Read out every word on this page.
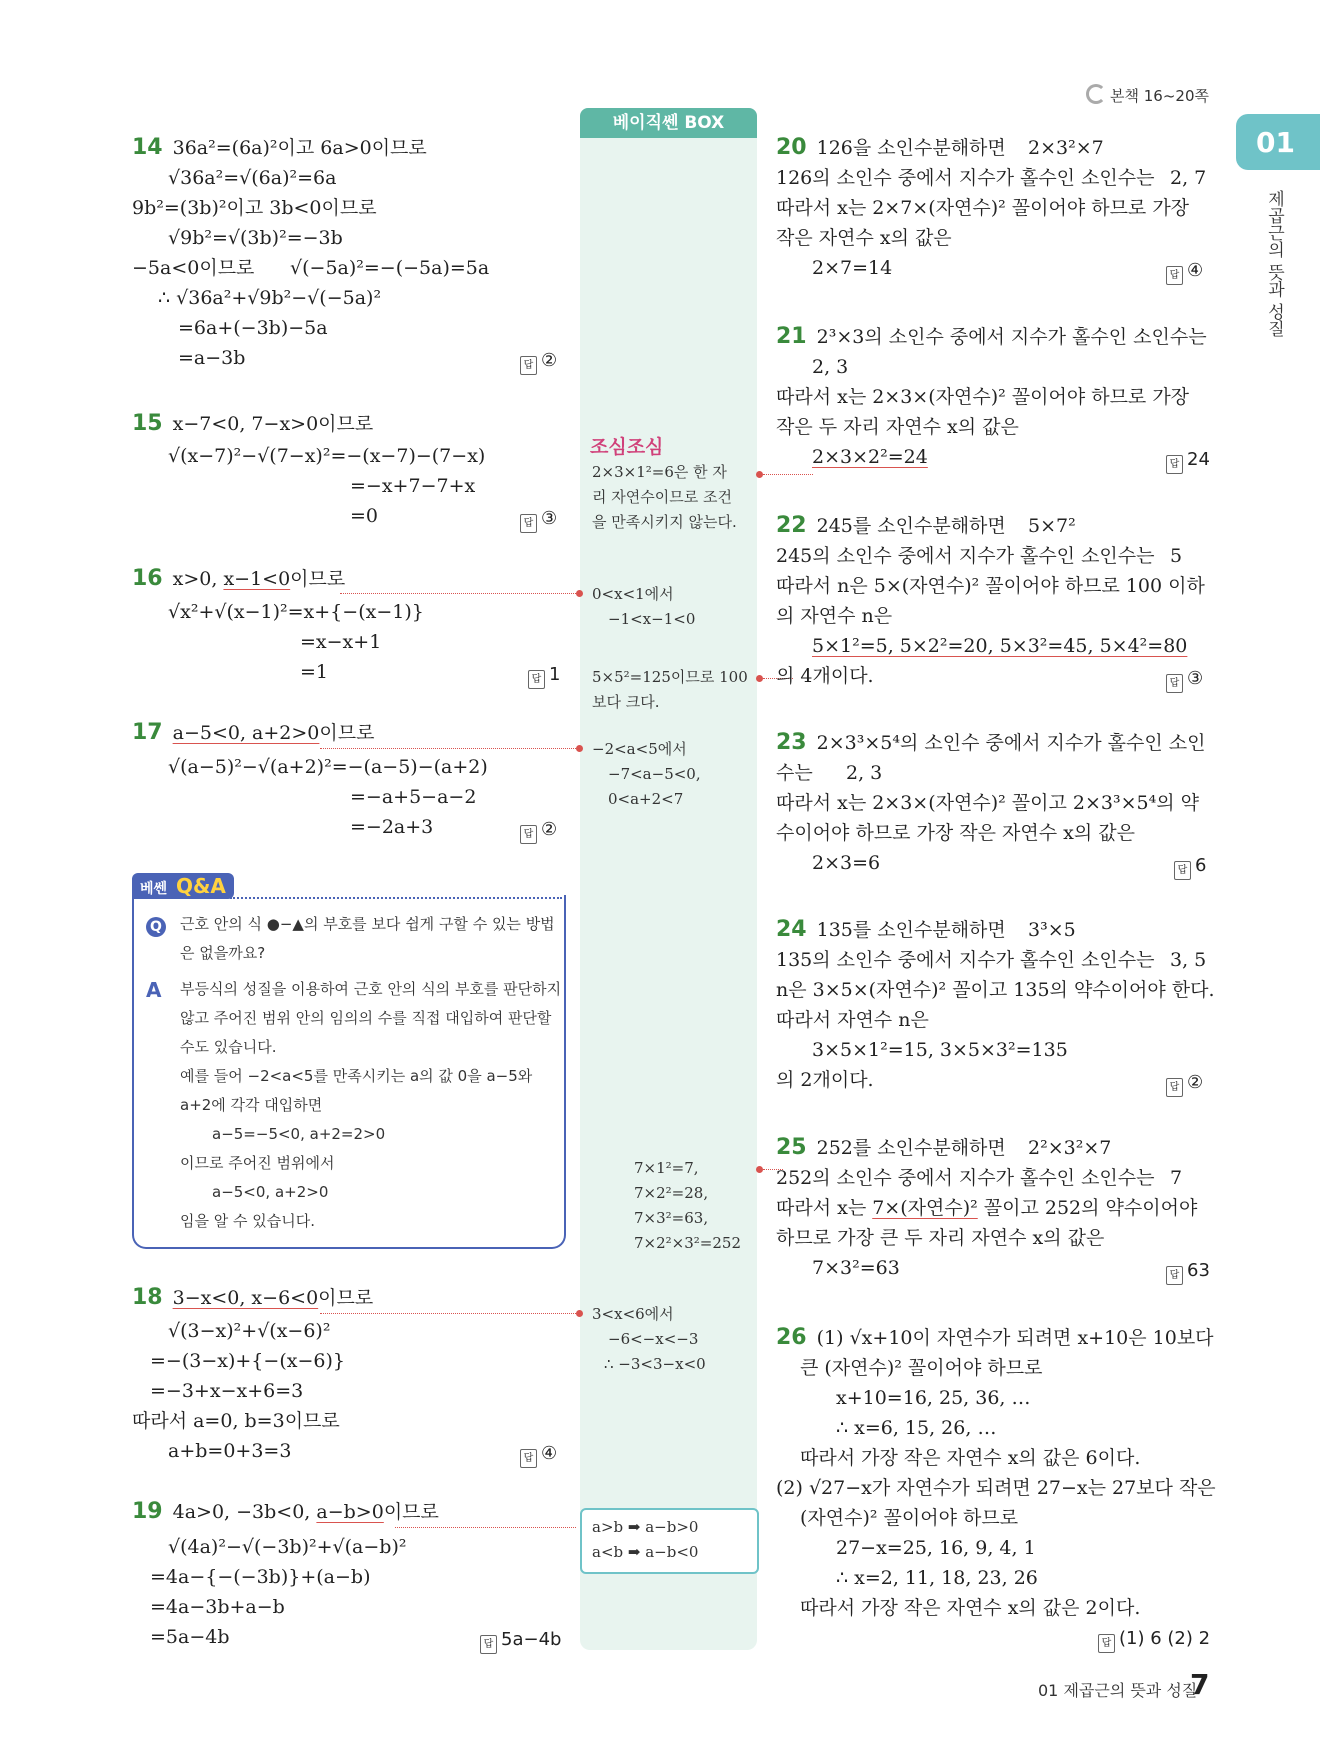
본책 16~20쪽
01
제곱근의 뜻과 성질
베이직쎈 BOX
14 36a²=(6a)²이고 6a>0이므로
√36a²=√(6a)²=6a
9b²=(3b)²이고 3b<0이므로
√9b²=√(3b)²=−3b
−5a<0이므로 √(−5a)²=−(−5a)=5a
∴ √36a²+√9b²−√(−5a)²
=6a+(−3b)−5a
=a−3b	답 ②
15 x−7<0, 7−x>0이므로
√(x−7)²−√(7−x)²=−(x−7)−(7−x)
=−x+7−7+x
=0	답 ③
16 x>0, x−1<0이므로
√x²+√(x−1)²=x+{−(x−1)}
=x−x+1
=1	답 1
17 a−5<0, a+2>0이므로
√(a−5)²−√(a+2)²=−(a−5)−(a+2)
=−a+5−a−2
=−2a+3	답 ②
베쎈 Q&A
Q 근호 안의 식 ●−▲의 부호를 보다 쉽게 구할 수 있는 방법
은 없을까요?
A 부등식의 성질을 이용하여 근호 안의 식의 부호를 판단하지
않고 주어진 범위 안의 임의의 수를 직접 대입하여 판단할
수도 있습니다.
예를 들어 −2<a<5를 만족시키는 a의 값 0을 a−5와
a+2에 각각 대입하면
a−5=−5<0, a+2=2>0
이므로 주어진 범위에서
a−5<0, a+2>0
임을 알 수 있습니다.
18 3−x<0, x−6<0이므로
√(3−x)²+√(x−6)²
=−(3−x)+{−(x−6)}
=−3+x−x+6=3
따라서 a=0, b=3이므로
a+b=0+3=3	답 ④
19 4a>0, −3b<0, a−b>0이므로
√(4a)²−√(−3b)²+√(a−b)²
=4a−{−(−3b)}+(a−b)
=4a−3b+a−b
=5a−4b	답 5a−4b
조심조심
2×3×1²=6은 한 자
리 자연수이므로 조건
을 만족시키지 않는다.
0<x<1에서
−1<x−1<0
5×5²=125이므로 100
보다 크다.
−2<a<5에서
−7<a−5<0,
0<a+2<7
7×1²=7,
7×2²=28,
7×3²=63,
7×2²×3²=252
3<x<6에서
−6<−x<−3
∴ −3<3−x<0
a>b ➡ a−b>0
a<b ➡ a−b<0
20 126을 소인수분해하면 2×3²×7
126의 소인수 중에서 지수가 홀수인 소인수는 2, 7
따라서 x는 2×7×(자연수)² 꼴이어야 하므로 가장
작은 자연수 x의 값은
2×7=14	답 ④
21 2³×3의 소인수 중에서 지수가 홀수인 소인수는
2, 3
따라서 x는 2×3×(자연수)² 꼴이어야 하므로 가장
작은 두 자리 자연수 x의 값은
2×3×2²=24	답 24
22 245를 소인수분해하면 5×7²
245의 소인수 중에서 지수가 홀수인 소인수는 5
따라서 n은 5×(자연수)² 꼴이어야 하므로 100 이하
의 자연수 n은
5×1²=5, 5×2²=20, 5×3²=45, 5×4²=80
의 4개이다.	답 ③
23 2×3³×5⁴의 소인수 중에서 지수가 홀수인 소인
수는 2, 3
따라서 x는 2×3×(자연수)² 꼴이고 2×3³×5⁴의 약
수이어야 하므로 가장 작은 자연수 x의 값은
2×3=6	답 6
24 135를 소인수분해하면 3³×5
135의 소인수 중에서 지수가 홀수인 소인수는 3, 5
n은 3×5×(자연수)² 꼴이고 135의 약수이어야 한다.
따라서 자연수 n은
3×5×1²=15, 3×5×3²=135
의 2개이다.	답 ②
25 252를 소인수분해하면 2²×3²×7
252의 소인수 중에서 지수가 홀수인 소인수는 7
따라서 x는 7×(자연수)² 꼴이고 252의 약수이어야
하므로 가장 큰 두 자리 자연수 x의 값은
7×3²=63	답 63
26 (1) √x+10이 자연수가 되려면 x+10은 10보다
큰 (자연수)² 꼴이어야 하므로
x+10=16, 25, 36, …
∴ x=6, 15, 26, …
따라서 가장 작은 자연수 x의 값은 6이다.
(2) √27−x가 자연수가 되려면 27−x는 27보다 작은
(자연수)² 꼴이어야 하므로
27−x=25, 16, 9, 4, 1
∴ x=2, 11, 18, 23, 26
따라서 가장 작은 자연수 x의 값은 2이다.
답 (1) 6 (2) 2
01 제곱근의 뜻과 성질
7
